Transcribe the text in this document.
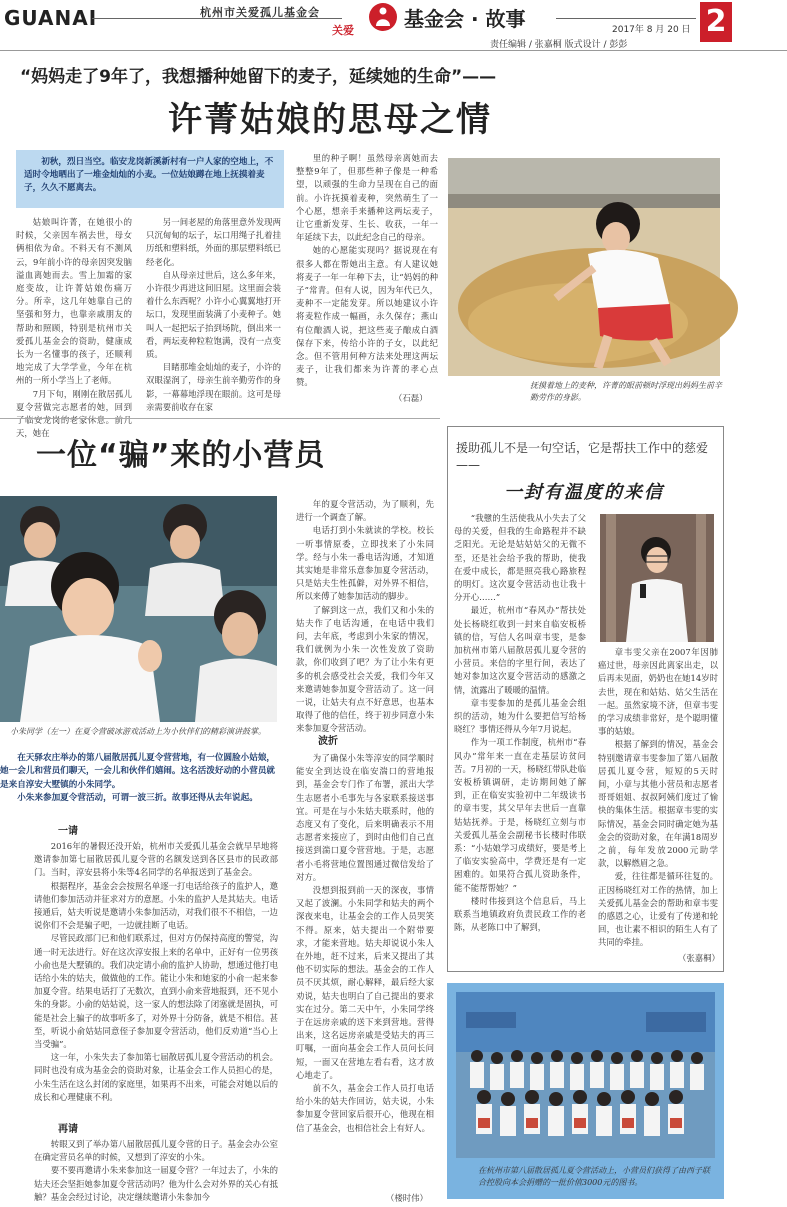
GUANAI	杭州市关爱孤儿基金会
关爱	基金会 · 故事	2017年 8 月 20 日 2
责任编辑 / 张嘉桐 版式设计 / 彭彭
“妈妈走了9年了，我想播种她留下的麦子，延续她的生命”——
许菁姑娘的思母之情
初秋，烈日当空。临安龙岗新溪新村有一户人家的空地上，不适时令地晒出了一堆金灿灿的小麦。一位姑娘蹲在地上抚摸着麦子，久久不愿离去。

姑娘叫许菁，在她很小的时候，父亲因车祸去世，母女俩相依为命。不料天有不测风云，9年前小许的母亲因突发脑溢血离她而去。雪上加霜的家庭变故，让许菁姑娘伤痛万分。所幸，这几年她靠自己的坚强和努力，也靠亲戚朋友的帮助和照顾，特别是杭州市关爱孤儿基金会的资助，健康成长为一名懂事的孩子，还顺利地完成了大学学业，今年在杭州的一所小学当上了老师。

7月下旬，刚刚在散居孤儿夏令营做完志愿者的她，回到了临安龙岗的老家休息。前几天，她在

另一间老屋的角落里意外发现两只沉甸甸的坛子，坛口用绳子扎着挂历纸和塑料纸，外面的那层塑料纸已经老化。

自从母亲过世后，这么多年来，小许很少再进这间旧屋。这里面会装着什么东西呢？小许小心翼翼地打开坛口，发现里面装满了小麦种子。她叫人一起把坛子抬到场院，倒出来一看，两坛麦种粒粒饱满，没有一点变质。

目睹那堆金灿灿的麦子，小许的双眼湿润了，母亲生前辛勤劳作的身影，一幕幕地浮现在眼前。这可是母亲需要前收存在家

里的种子啊！虽然母亲离她而去整整9年了，但那些种子像是一种希望，以顽强的生命力呈现在自己的面前。小许抚摸着麦种，突然萌生了一个心愿，想亲手来播种这两坛麦子，让它重新发芽、生长、收获，一年一年延续下去，以此纪念自己的母亲。

她的心愿能实现吗？据说现在有很多人都在帮她出主意。有人建议她将麦子一年一年种下去，让“妈妈的种子”常青。但有人说，因为年代已久，麦种不一定能发芽。所以她建议小许将麦粒作成一幅画，永久保存；燕山有位酿酒人说，把这些麦子酿成白酒保存下来，传给小许的子女，以此纪念。但不管用何种方法来处理这两坛麦子，让我们都来为许菁的孝心点赞。

（石磊）
抚摸着地上的麦种，许菁的眼前顿时浮现出妈妈生前辛勤劳作的身影。
一位“骗”来的小营员
小朱同学（左一）在夏令营破冰游戏活动上为小伙伴们的精彩演讲鼓掌。

在天驿农庄举办的第八届散居孤儿夏令营营地，有一位圆脸小姑娘，她一会儿和营员们聊天，一会儿和伙伴们嬉闹。这名活泼好动的小营员就是来自淳安大墅镇的小朱同学。

小朱来参加夏令营活动，可谓一波三折。故事还得从去年说起。

一请

2016年的暑假还没开始，杭州市关爱孤儿基金会就早早地将邀请参加第七届散居孤儿夏令营的名额发送到各区县市的民政部门。当时，淳安县将小朱等4名同学的名单报送到了基金会。

根据程序，基金会会按照名单逐一打电话给孩子的监护人，邀请他们参加活动并征求对方的意愿。小朱的监护人是其姑夫。电话接通后，姑夫听说是邀请小朱参加活动，对我们很不不相信，一边说你们不会是骗子吧，一边就挂断了电话。

尽管民政部门已和他们联系过，但对方仍保持高度的警觉，沟通一时无法进行。好在这次淳安报上来的名单中，正好有一位男孩小俞也是大墅镇的。我们决定请小俞的监护人协助，想通过他打电话给小朱的姑夫，做做他的工作。能让小朱和她家的小俞一起来参加夏令营。结果电话打了无数次，直到小俞来营地报到，还不见小朱的身影。小俞的姑姑说，这一家人的想法除了闭塞就是固执，可能是社会上骗子的故事听多了，对外界十分防备，就是不相信。甚至，听说小俞姑姑同意侄子参加夏令营活动，他们反劝道“当心上当受骗”。

这一年，小朱失去了参加第七届散居孤儿夏令营活动的机会。同时也没有成为基金会的资助对象，让基金会工作人员担心的是，小朱生活在这么封闭的家庭里，如果再不出来，可能会对她以后的成长和心理健康不利。

再请

转眼又到了举办第八届散居孤儿夏令营的日子。基金会办公室在确定营员名单的时候，又想到了淳安的小朱。

要不要再邀请小朱来参加这一届夏令营？一年过去了，小朱的姑夫还会坚拒她参加夏令营活动吗？他为什么会对外界的关心有抵触？基金会经过讨论，决定继续邀请小朱参加今

年的夏令营活动，为了顺利，先进行一个调查了解。

电话打到小朱就读的学校。校长一听事情原委，立即找来了小朱同学。经与小朱一番电话沟通，才知道其实她是非常乐意参加夏令营活动，只是姑夫生性孤僻，对外界不相信，所以来傅了她参加活动的脚步。

了解到这一点，我们又和小朱的姑夫作了电话沟通，在电话中我们问，去年底，考虑到小朱家的情况，我们就例为小朱一次性发放了资助款，你们收到了吧？为了让小朱有更多的机会感受社会关爱，我们今年又来邀请她参加夏令营活动了。这一问一说，让姑夫有点不好意思，也基本取得了他的信任，终于初步同意小朱来参加夏令营活动。

波折

为了确保小朱等淳安的同学顺时能安全到达设在临安湍口的营地报到，基金会专门作了布署，派出大学生志愿者小毛事先与各家联系接送事宜。可是在与小朱姑夫联系时，他的态度又有了变化，后来明确表示不用志愿者来接应了，到时由他们自己直接送到湍口夏令营营地。于是，志愿者小毛将营地位置图通过微信发给了对方。

没想到报到前一天的深夜，事情又起了波澜。小朱同学和姑夫的两个深夜来电，让基金会的工作人员哭笑不得。原来，姑夫提出一个附带要求，才能来营地。姑夫却说说小朱人在外地，赶不过来，后来又提出了其他不切实际的想法。基金会的工作人员不厌其烦，耐心解释，最后经大家劝说，姑夫也明白了自己提出的要求实在过分。第二天中午，小朱同学终于在远房亲戚的送下来到营地。营得出来，这名远房亲戚是受姑夫的再三叮嘱，一面向基金会工作人员问长问短，一面又在营地左看右看，这才放心地走了。

前不久，基金会工作人员打电话给小朱的姑夫作回访，姑夫说，小朱参加夏令营回家后很开心，他现在相信了基金会，也相信社会上有好人。

（楼时伟）
援助孤儿不是一句空话，它是帮扶工作中的慈爱——
一封有温度的来信

“我戆的生活使我从小失去了父母的关爱，但我的生命路程并不缺乏阳光。无论是姑姑姑父的无微不至，还是社会给予我的帮助，使我在爱中成长，都是照亮我心路旅程的明灯。这次夏令营活动也让我十分开心……”

最近，杭州市“春风办”帮扶处处长杨晓红收到一封来自临安板桥镇的信，写信人名叫章韦雯，是参加杭州市第八届散居孤儿夏令营的小营员。来信的字里行间，表达了她对参加这次夏令营活动的感激之情，流露出了暖暖的温情。

章韦雯参加的是孤儿基金会组织的活动，她为什么要把信写给杨晓红？事情还得从今年7月说起。

作为一项工作制度，杭州市“春风办”常年来一直在走基层访贫问苦。7月初的一天，杨晓红带队赴临安板桥镇调研，走访期间她了解到，正在临安实验初中二年级读书的章韦雯，其父早年去世后一直靠姑姑抚养。于是，杨晓红立刻与市关爱孤儿基金会副秘书长楼时伟联系：“小姑娘学习成绩好，要是考上了临安实验高中，学费还是有一定困难的。如果符合孤儿资助条件，能不能帮帮她？”

楼时伟接到这个信息后，马上联系当地镇政府负责民政工作的老陈，从老陈口中了解到，

章韦雯父亲在2007年因肺癌过世，母亲因此离家出走，以后再未见面，奶奶也在她14岁时去世，现在和姑姑、姑父生活在一起。虽然家境不济，但章韦雯的学习成绩非常好，是个聪明懂事的姑娘。

根据了解到的情况，基金会特别邀请章韦雯参加了第八届散居孤儿夏令营，短短的5天时间，小章与其他小营员和志愿者哥哥姐姐、叔叔阿姨们度过了愉快的集体生活。根据章韦雯的实际情况，基金会同时确定她为基金会的资助对象，在年满18周岁之前，每年发放2000元助学款，以解燃眉之急。

爱，往往都是循环往复的。正因杨晓红对工作的热情，加上关爱孤儿基金会的帮助和章韦雯的感恩之心，让爱有了传递和轮回，也让素不相识的陌生人有了共同的牵挂。

（张嘉桐）
在杭州市第八届散居孤儿夏令营活动上，小营员们获得了由西子联合控股向本会捐赠的一批价值3000元的图书。
